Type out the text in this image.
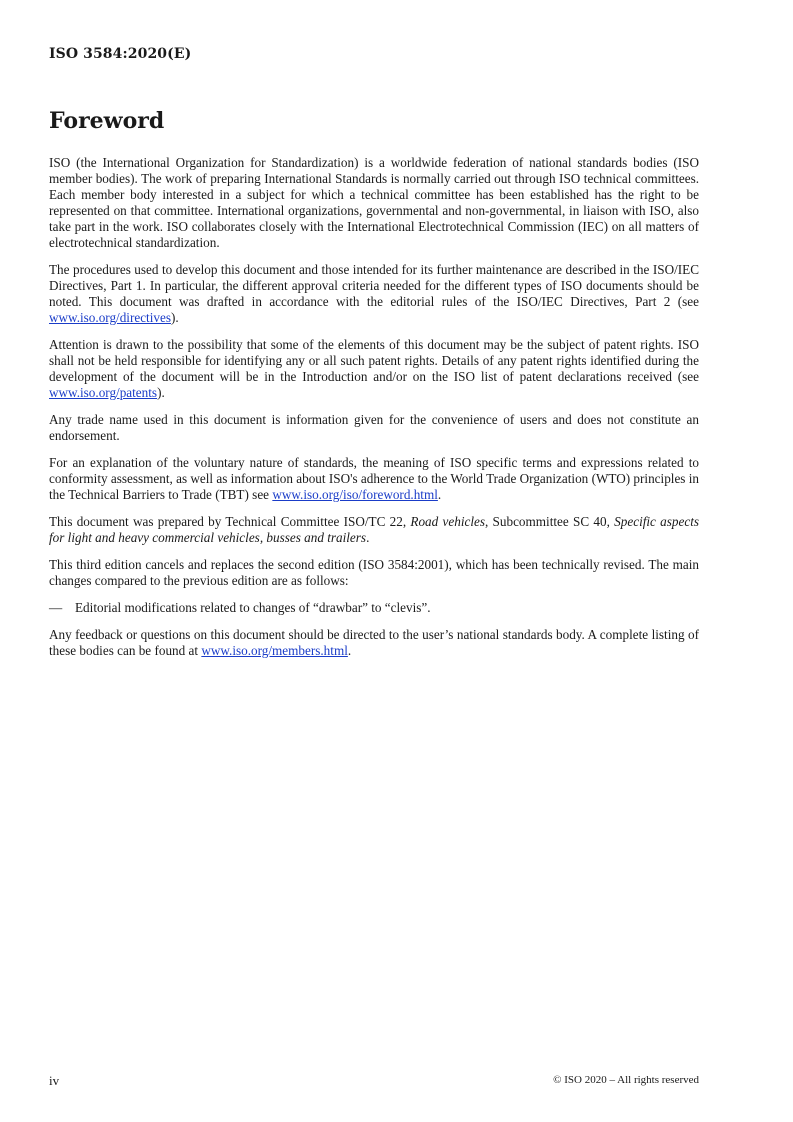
ISO 3584:2020(E)
Foreword

ISO (the International Organization for Standardization) is a worldwide federation of national standards bodies (ISO member bodies). The work of preparing International Standards is normally carried out through ISO technical committees. Each member body interested in a subject for which a technical committee has been established has the right to be represented on that committee. International organizations, governmental and non-governmental, in liaison with ISO, also take part in the work. ISO collaborates closely with the International Electrotechnical Commission (IEC) on all matters of electrotechnical standardization.

The procedures used to develop this document and those intended for its further maintenance are described in the ISO/IEC Directives, Part 1. In particular, the different approval criteria needed for the different types of ISO documents should be noted. This document was drafted in accordance with the editorial rules of the ISO/IEC Directives, Part 2 (see www.iso.org/directives).

Attention is drawn to the possibility that some of the elements of this document may be the subject of patent rights. ISO shall not be held responsible for identifying any or all such patent rights. Details of any patent rights identified during the development of the document will be in the Introduction and/or on the ISO list of patent declarations received (see www.iso.org/patents).

Any trade name used in this document is information given for the convenience of users and does not constitute an endorsement.

For an explanation of the voluntary nature of standards, the meaning of ISO specific terms and expressions related to conformity assessment, as well as information about ISO's adherence to the World Trade Organization (WTO) principles in the Technical Barriers to Trade (TBT) see www.iso.org/iso/foreword.html.

This document was prepared by Technical Committee ISO/TC 22, Road vehicles, Subcommittee SC 40, Specific aspects for light and heavy commercial vehicles, busses and trailers.

This third edition cancels and replaces the second edition (ISO 3584:2001), which has been technically revised. The main changes compared to the previous edition are as follows:

— Editorial modifications related to changes of “drawbar” to “clevis”.

Any feedback or questions on this document should be directed to the user’s national standards body. A complete listing of these bodies can be found at www.iso.org/members.html.

iv	© ISO 2020 – All rights reserved
